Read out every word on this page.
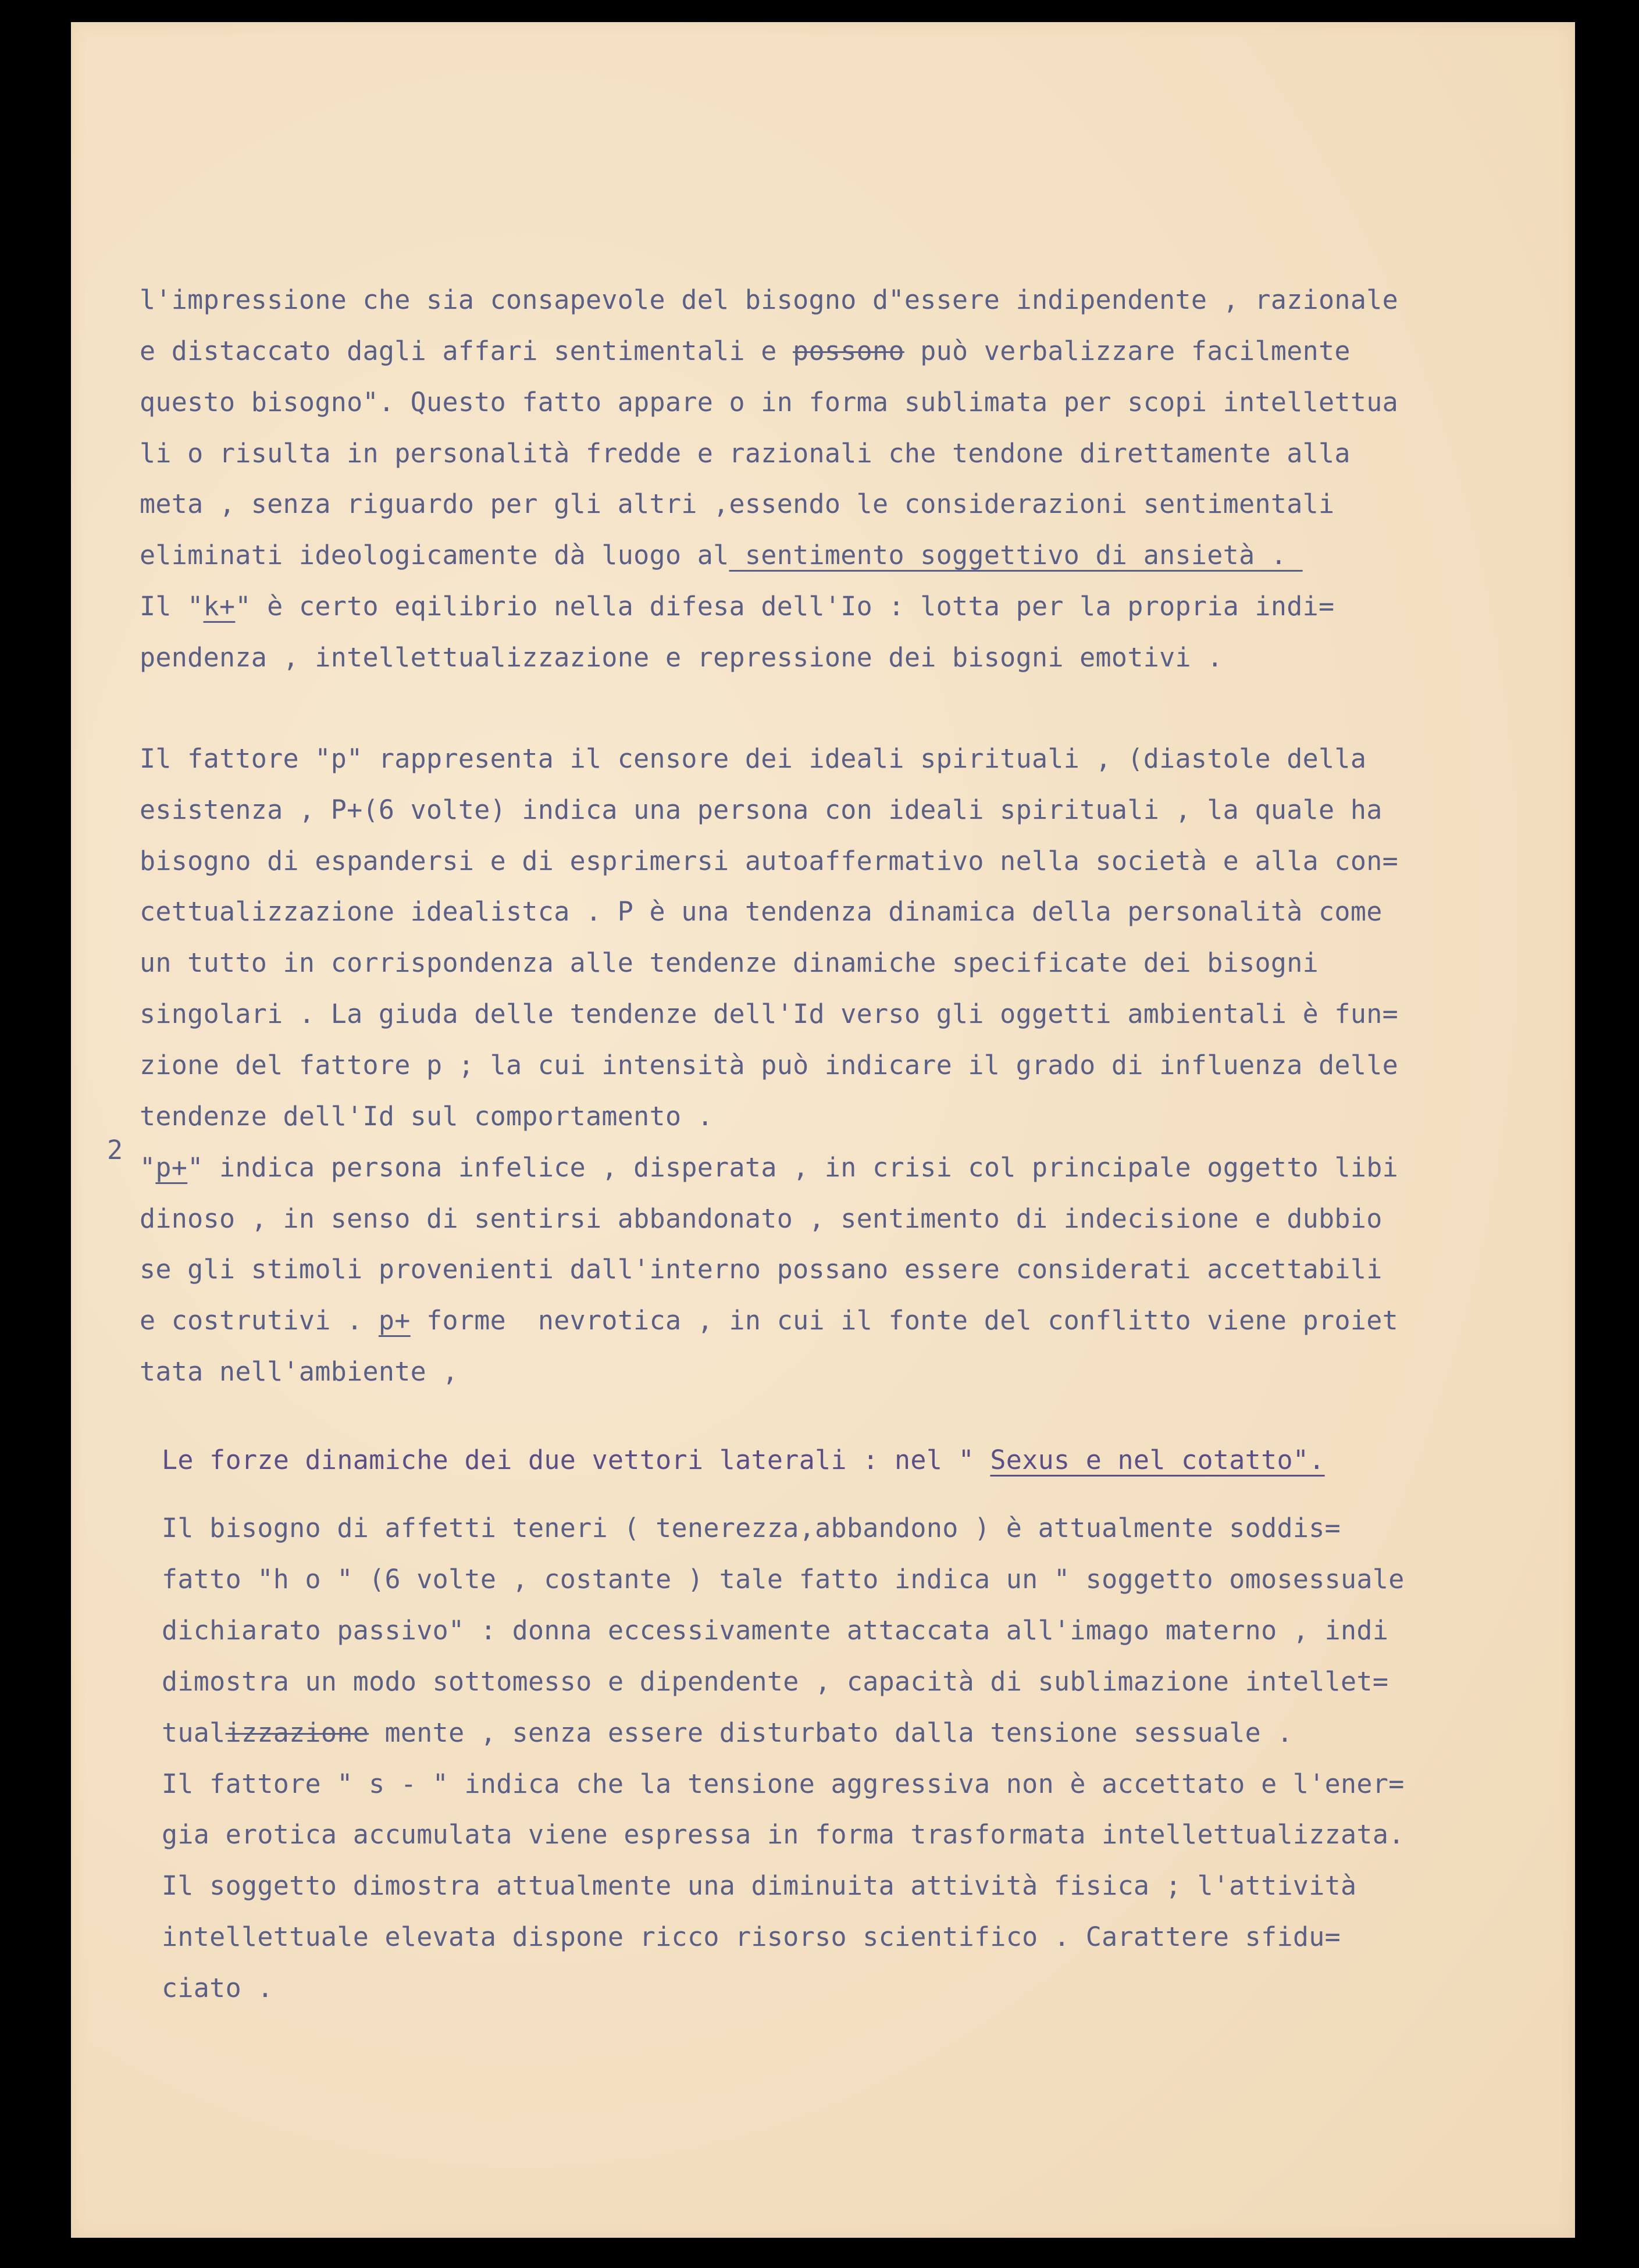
l'impressione che sia consapevole del bisogno d"essere indipendente , razionale
e distaccato dagli affari sentimentali e possono può verbalizzare facilmente
questo bisogno". Questo fatto appare o in forma sublimata per scopi intellettua
li o risulta in personalità fredde e razionali che tendone direttamente alla
meta , senza riguardo per gli altri ,essendo le considerazioni sentimentali
eliminati ideologicamente dà luogo al sentimento soggettivo di ansietà .
Il "k+" è certo eqilibrio nella difesa dell'Io : lotta per la propria indi=
pendenza , intellettualizzazione e repressione dei bisogni emotivi .
Il fattore "p" rappresenta il censore dei ideali spirituali , (diastole della
esistenza , P+(6 volte) indica una persona con ideali spirituali , la quale ha
bisogno di espandersi e di esprimersi autoaffermativo nella società e alla con=
cettualizzazione idealistca . P è una tendenza dinamica della personalità come
un tutto in corrispondenza alle tendenze dinamiche specificate dei bisogni
singolari . La giuda delle tendenze dell'Id verso gli oggetti ambientali è fun=
zione del fattore p ; la cui intensità può indicare il grado di influenza delle
tendenze dell'Id sul comportamento .
"p+" indica persona infelice , disperata , in crisi col principale oggetto libi
dinoso , in senso di sentirsi abbandonato , sentimento di indecisione e dubbio
se gli stimoli provenienti dall'interno possano essere considerati accettabili
e costrutivi . p+ forme  nevrotica , in cui il fonte del conflitto viene proiet
tata nell'ambiente ,
Le forze dinamiche dei due vettori laterali : nel " Sexus e nel cotatto".
Il bisogno di affetti teneri ( tenerezza,abbandono ) è attualmente soddis=
fatto "h o " (6 volte , costante ) tale fatto indica un " soggetto omosessuale
dichiarato passivo" : donna eccessivamente attaccata all'imago materno , indi
dimostra un modo sottomesso e dipendente , capacità di sublimazione intellet=
tualizzazione mente , senza essere disturbato dalla tensione sessuale .
Il fattore " s - " indica che la tensione aggressiva non è accettato e l'ener=
gia erotica accumulata viene espressa in forma trasformata intellettualizzata.
Il soggetto dimostra attualmente una diminuita attività fisica ; l'attività
intellettuale elevata dispone ricco risorso scientifico . Carattere sfidu=
ciato .
2
